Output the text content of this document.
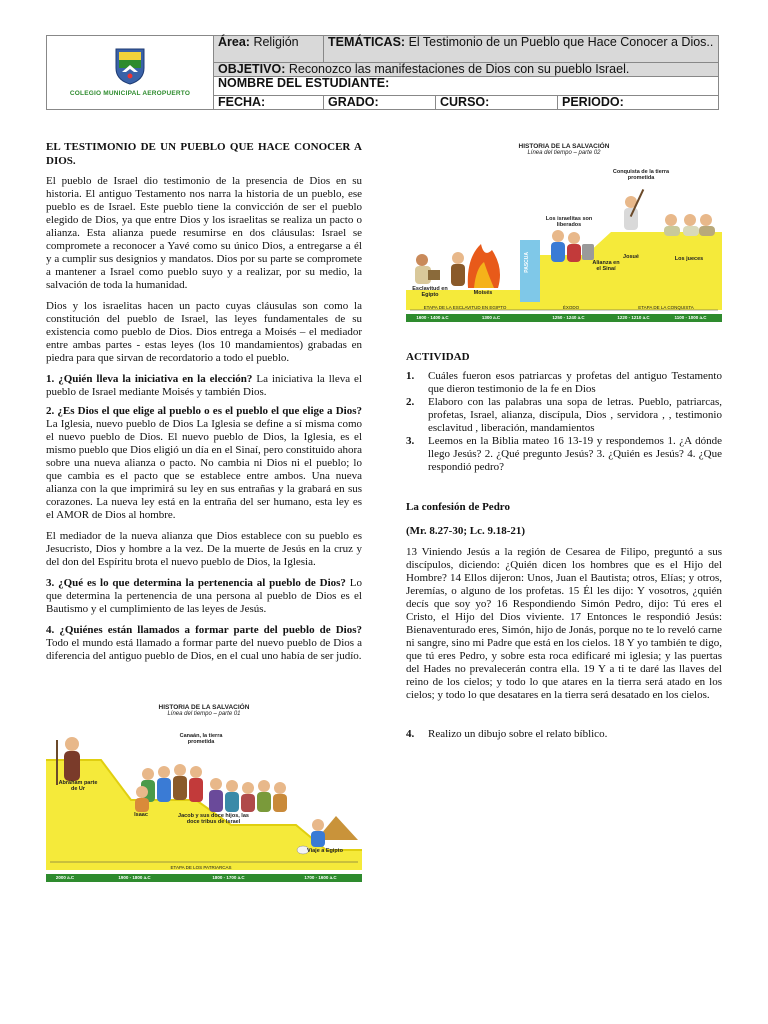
COLEGIO MUNICIPAL AEROPUERTO	Área: Religión	TEMÁTICAS: El Testimonio de un Pueblo que Hace Conocer a Dios..		
	OBJETIVO: Reconozco las manifestaciones de Dios con su pueblo Israel.			
	NOMBRE DEL ESTUDIANTE:			
	FECHA:	GRADO:	CURSO:	PERIODO:

EL TESTIMONIO DE UN PUEBLO QUE HACE CONOCER A DIOS.

El pueblo de Israel dio testimonio de la presencia de Dios en su historia. El antiguo Testamento nos narra la historia de un pueblo, ese pueblo es de Israel. Este pueblo tiene la convicción de ser el pueblo elegido de Dios, ya que entre Dios y los israelitas se realiza un pacto o alianza. Esta alianza puede resumirse en dos cláusulas: Israel se compromete a reconocer a Yavé como su único Dios, a entregarse a él y a cumplir sus designios y mandatos. Dios por su parte se compromete a mantener a Israel como pueblo suyo y a realizar, por su medio, la salvación de toda la humanidad.

Dios y los israelitas hacen un pacto cuyas cláusulas son como la constitución del pueblo de Israel, las leyes fundamentales de su existencia como pueblo de Dios. Dios entrega a Moisés – el mediador entre ambas partes - estas leyes (los 10 mandamientos) grabadas en piedra para que sirvan de recordatorio a todo el pueblo.

1. ¿Quién lleva la iniciativa en la elección? La iniciativa la lleva el pueblo de Israel mediante Moisés y también Dios.

2. ¿Es Dios el que elige al pueblo o es el pueblo el que elige a Dios? La Iglesia, nuevo pueblo de Dios La Iglesia se define a sí misma como el nuevo pueblo de Dios. El nuevo pueblo de Dios, la Iglesia, es el mismo pueblo que Dios eligió un día en el Sinaí, pero constituido ahora sobre una nueva alianza o pacto. No cambia ni Dios ni el pueblo; lo que cambia es el pacto que se establece entre ambos. Una nueva alianza con la que imprimirá su ley en sus entrañas y la grabará en sus corazones. La nueva ley está en la entraña del ser humano, esta ley es el AMOR de Dios al hombre.

El mediador de la nueva alianza que Dios establece con su pueblo es Jesucristo, Dios y hombre a la vez. De la muerte de Jesús en la cruz y del don del Espíritu brota el nuevo pueblo de Dios, la Iglesia.

3. ¿Qué es lo que determina la pertenencia al pueblo de Dios? Lo que determina la pertenencia de una persona al pueblo de Dios es el Bautismo y el cumplimiento de las leyes de Jesús.

4. ¿Quiénes están llamados a formar parte del pueblo de Dios? Todo el mundo está llamado a formar parte del nuevo pueblo de Dios a diferencia del antiguo pueblo de Dios, en el cual uno había de ser judío.

HISTORIA DE LA SALVACIÓN
Línea del tiempo – parte 01
Abraham parte de Ur
Canaán, la tierra prometida
Isaac	Jacob y sus doce hijos, las doce tribus de Israel
Viaje a Egipto
ETAPA DE LOS PATRIARCAS
2000 a.C	1900 - 1800 a.C	1800 - 1700 a.C	1700 - 1600 a.C
HISTORIA DE LA SALVACIÓN
Línea del tiempo – parte 02
Esclavitud en Egipto	Moisés
PASCUA
Los israelitas son liberados
Alianza en el Sinaí
Conquista de la tierra prometida
Josué	Los jueces
ETAPA DE LA ESCLAVITUD EN EGIPTO	ÉXODO	ETAPA DE LA CONQUISTA
1600 - 1400 a.C	1300 a.C	1250 - 1240 a.C	1220 - 1210 a.C	1100 - 1000 a.C

ACTIVIDAD

1.	Cuáles fueron esos patriarcas y profetas del antiguo Testamento que dieron testimonio de la fe en Dios
2.	Elaboro con las palabras una sopa de letras. Pueblo, patriarcas, profetas, Israel, alianza, discípula, Dios , servidora , , testimonio esclavitud , liberación, mandamientos
3.	Leemos en la Biblia mateo 16 13-19 y respondemos 1. ¿A dónde llego Jesús? 2. ¿Qué pregunto Jesús? 3. ¿Quién es Jesús? 4. ¿Que respondió pedro?

La confesión de Pedro

(Mr. 8.27-30; Lc. 9.18-21)

13 Viniendo Jesús a la región de Cesarea de Filipo, preguntó a sus discípulos, diciendo: ¿Quién dicen los hombres que es el Hijo del Hombre? 14 Ellos dijeron: Unos, Juan el Bautista; otros, Elías; y otros, Jeremías, o alguno de los profetas. 15 Él les dijo: Y vosotros, ¿quién decís que soy yo? 16 Respondiendo Simón Pedro, dijo: Tú eres el Cristo, el Hijo del Dios viviente. 17 Entonces le respondió Jesús: Bienaventurado eres, Simón, hijo de Jonás, porque no te lo reveló carne ni sangre, sino mi Padre que está en los cielos. 18 Y yo también te digo, que tú eres Pedro, y sobre esta roca edificaré mi iglesia; y las puertas del Hades no prevalecerán contra ella. 19 Y a ti te daré las llaves del reino de los cielos; y todo lo que atares en la tierra será atado en los cielos; y todo lo que desatares en la tierra será desatado en los cielos.

4.	Realizo un dibujo sobre el relato bíblico.
